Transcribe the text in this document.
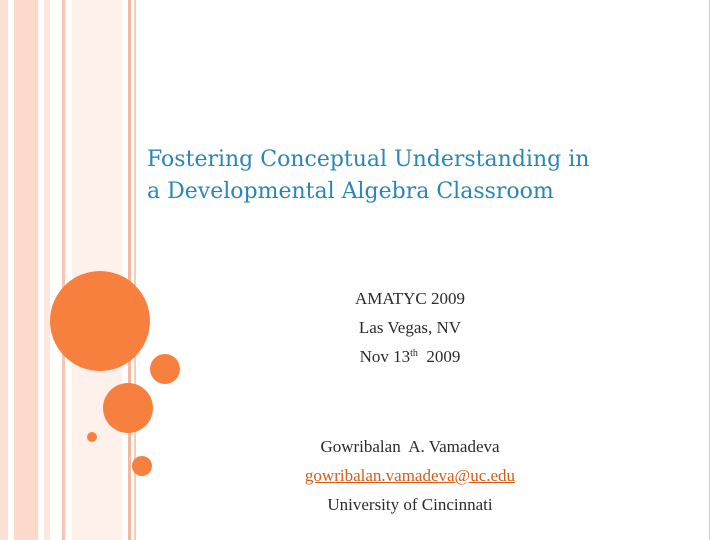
Fostering Conceptual Understanding in
a Developmental Algebra Classroom
AMATYC 2009
Las Vegas, NV
Nov 13th 2009
Gowribalan  A. Vamadeva
gowribalan.vamadeva@uc.edu
University of Cincinnati
